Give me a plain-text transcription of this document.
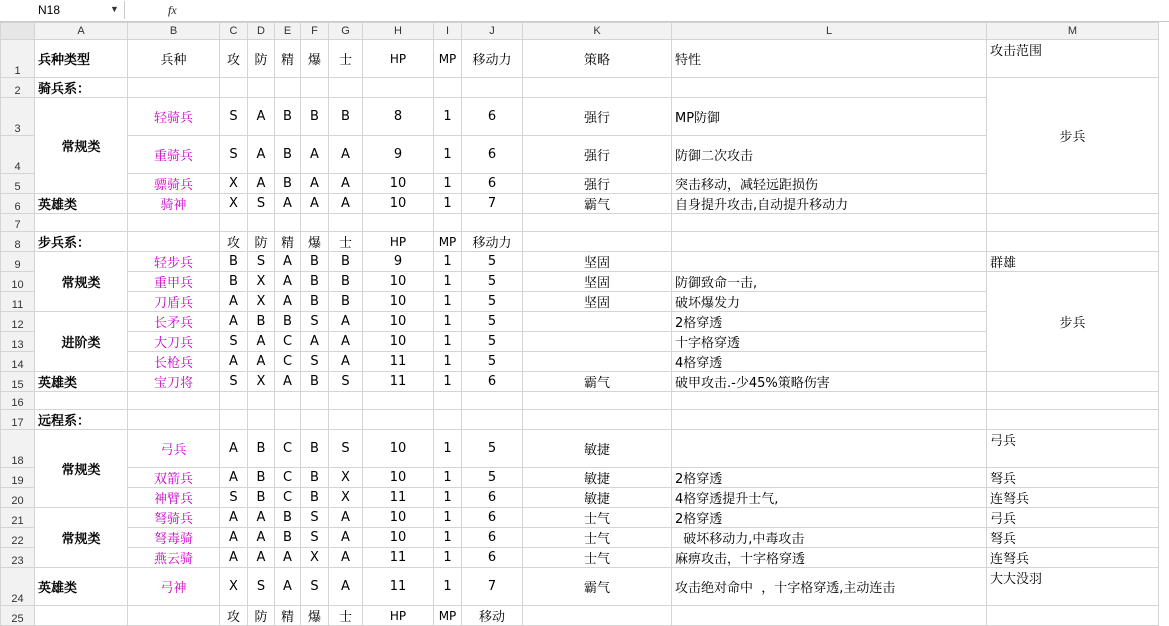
N18	▼	fx
	A	B	C	D	E	F	G	H	I	J	K	L	M
1	兵种类型	兵种	攻	防	精	爆	士	HP	MP	移动力	策略	特性	攻击范围
2	骑兵系：												步兵
3	常规类	轻骑兵	S	A	B	B	B	8	1	6	强行	MP防御	
4		重骑兵	S	A	B	A	A	9	1	6	强行	防御二次攻击	
5		骠骑兵	X	A	B	A	A	10	1	6	强行	突击移动，减轻远距损伤	
6	英雄类	骑神	X	S	A	A	A	10	1	7	霸气	自身提升攻击,自动提升移动力	
7													
8	步兵系：		攻	防	精	爆	士	HP	MP	移动力			
9	常规类	轻步兵	B	S	A	B	B	9	1	5	坚固		群雄
10		重甲兵	B	X	A	B	B	10	1	5	坚固	防御致命一击,	步兵
11		刀盾兵	A	X	A	B	B	10	1	5	坚固	破坏爆发力	
12	进阶类	长矛兵	A	B	B	S	A	10	1	5		2格穿透	
13		大刀兵	S	A	C	A	A	10	1	5		十字格穿透	
14		长枪兵	A	A	C	S	A	11	1	5		4格穿透	
15	英雄类	宝刀将	S	X	A	B	S	11	1	6	霸气	破甲攻击.-少45%策略伤害	
16													
17	远程系：												
18	常规类	弓兵	A	B	C	B	S	10	1	5	敏捷		弓兵
19		双箭兵	A	B	C	B	X	10	1	5	敏捷	2格穿透	弩兵
20		神臂兵	S	B	C	B	X	11	1	6	敏捷	4格穿透提升士气,	连弩兵
21	常规类	弩骑兵	A	A	B	S	A	10	1	6	士气	2格穿透	弓兵
22		弩毒骑	A	A	B	S	A	10	1	6	士气	破坏移动力,中毒攻击	弩兵
23		燕云骑	A	A	A	X	A	11	1	6	士气	麻痹攻击，十字格穿透	连弩兵
24	英雄类	弓神	X	S	A	S	A	11	1	7	霸气	攻击绝对命中  ，十字格穿透,主动连击	大大没羽
25			攻	防	精	爆	士	HP	MP	移动			
